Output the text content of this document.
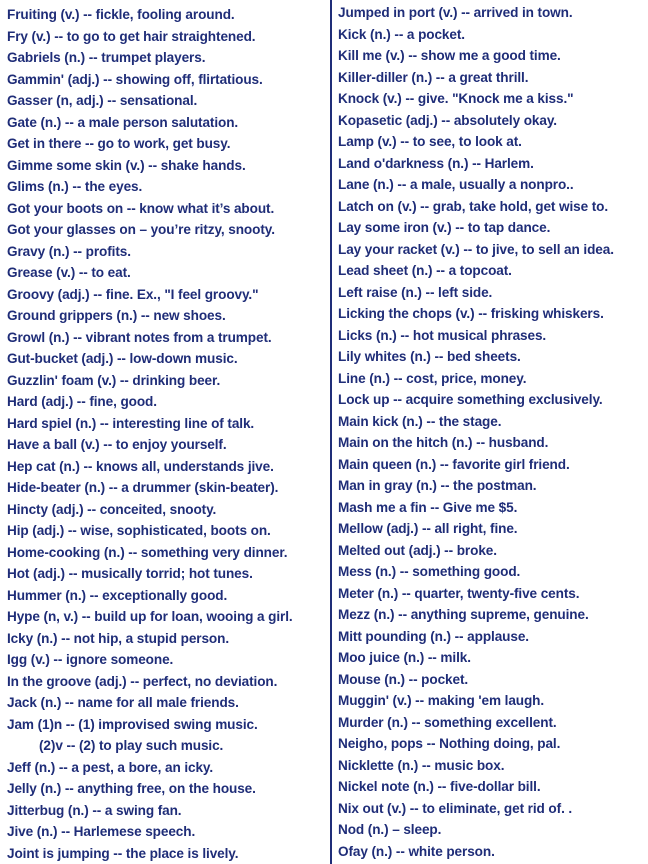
Fruiting (v.) -- fickle, fooling around.
Fry (v.) -- to go to get hair straightened.
Gabriels (n.) -- trumpet players.
Gammin' (adj.) -- showing off, flirtatious.
Gasser (n, adj.) -- sensational.
Gate (n.) -- a male person salutation.
Get in there -- go to work, get busy.
Gimme some skin (v.) -- shake hands.
Glims (n.) -- the eyes.
Got your boots on -- know what it’s about.
Got your glasses on – you’re ritzy, snooty.
Gravy (n.) -- profits.
Grease (v.) -- to eat.
Groovy (adj.) -- fine. Ex., "I feel groovy."
Ground grippers (n.) -- new shoes.
Growl (n.) -- vibrant notes from a trumpet.
Gut-bucket (adj.) -- low-down music.
Guzzlin' foam (v.) -- drinking beer.
Hard (adj.) -- fine, good.
Hard spiel (n.) -- interesting line of talk.
Have a ball (v.) -- to enjoy yourself.
Hep cat (n.) -- knows all, understands jive.
Hide-beater (n.) -- a drummer (skin-beater).
Hincty (adj.) -- conceited, snooty.
Hip (adj.) -- wise, sophisticated, boots on.
Home-cooking (n.) -- something very dinner.
Hot (adj.) -- musically torrid; hot tunes.
Hummer (n.) -- exceptionally good.
Hype (n, v.) -- build up for loan, wooing a girl.
Icky (n.) -- not hip, a stupid person.
Igg (v.) -- ignore someone.
In the groove (adj.) -- perfect, no deviation.
Jack (n.) -- name for all male friends.
Jam (1)n -- (1) improvised swing music.
(2)v -- (2) to play such music.
Jeff (n.) -- a pest, a bore, an icky.
Jelly (n.) -- anything free, on the house.
Jitterbug (n.) -- a swing fan.
Jive (n.) -- Harlemese speech.
Joint is jumping -- the place is lively.
Jumped in port (v.) -- arrived in town.
Kick (n.) -- a pocket.
Kill me (v.) -- show me a good time.
Killer-diller (n.) -- a great thrill.
Knock (v.) -- give. "Knock me a kiss."
Kopasetic (adj.) -- absolutely okay.
Lamp (v.) -- to see, to look at.
Land o'darkness (n.) -- Harlem.
Lane (n.) -- a male, usually a nonpro..
Latch on (v.) -- grab, take hold, get wise to.
Lay some iron (v.) -- to tap dance.
Lay your racket (v.) -- to jive, to sell an idea.
Lead sheet (n.) -- a topcoat.
Left raise (n.) -- left side.
Licking the chops (v.) -- frisking whiskers.
Licks (n.) -- hot musical phrases.
Lily whites (n.) -- bed sheets.
Line (n.) -- cost, price, money.
Lock up -- acquire something exclusively.
Main kick (n.) -- the stage.
Main on the hitch (n.) -- husband.
Main queen (n.) -- favorite girl friend.
Man in gray (n.) -- the postman.
Mash me a fin -- Give me $5.
Mellow (adj.) -- all right, fine.
Melted out (adj.) -- broke.
Mess (n.) -- something good.
Meter (n.) -- quarter, twenty-five cents.
Mezz (n.) -- anything supreme, genuine.
Mitt pounding (n.) -- applause.
Moo juice (n.) -- milk.
Mouse (n.) -- pocket.
Muggin' (v.) -- making 'em laugh.
Murder (n.) -- something excellent.
Neigho, pops -- Nothing doing, pal.
Nicklette (n.) -- music box.
Nickel note (n.) -- five-dollar bill.
Nix out (v.) -- to eliminate, get rid of. .
Nod (n.) – sleep.
Ofay (n.) -- white person.
